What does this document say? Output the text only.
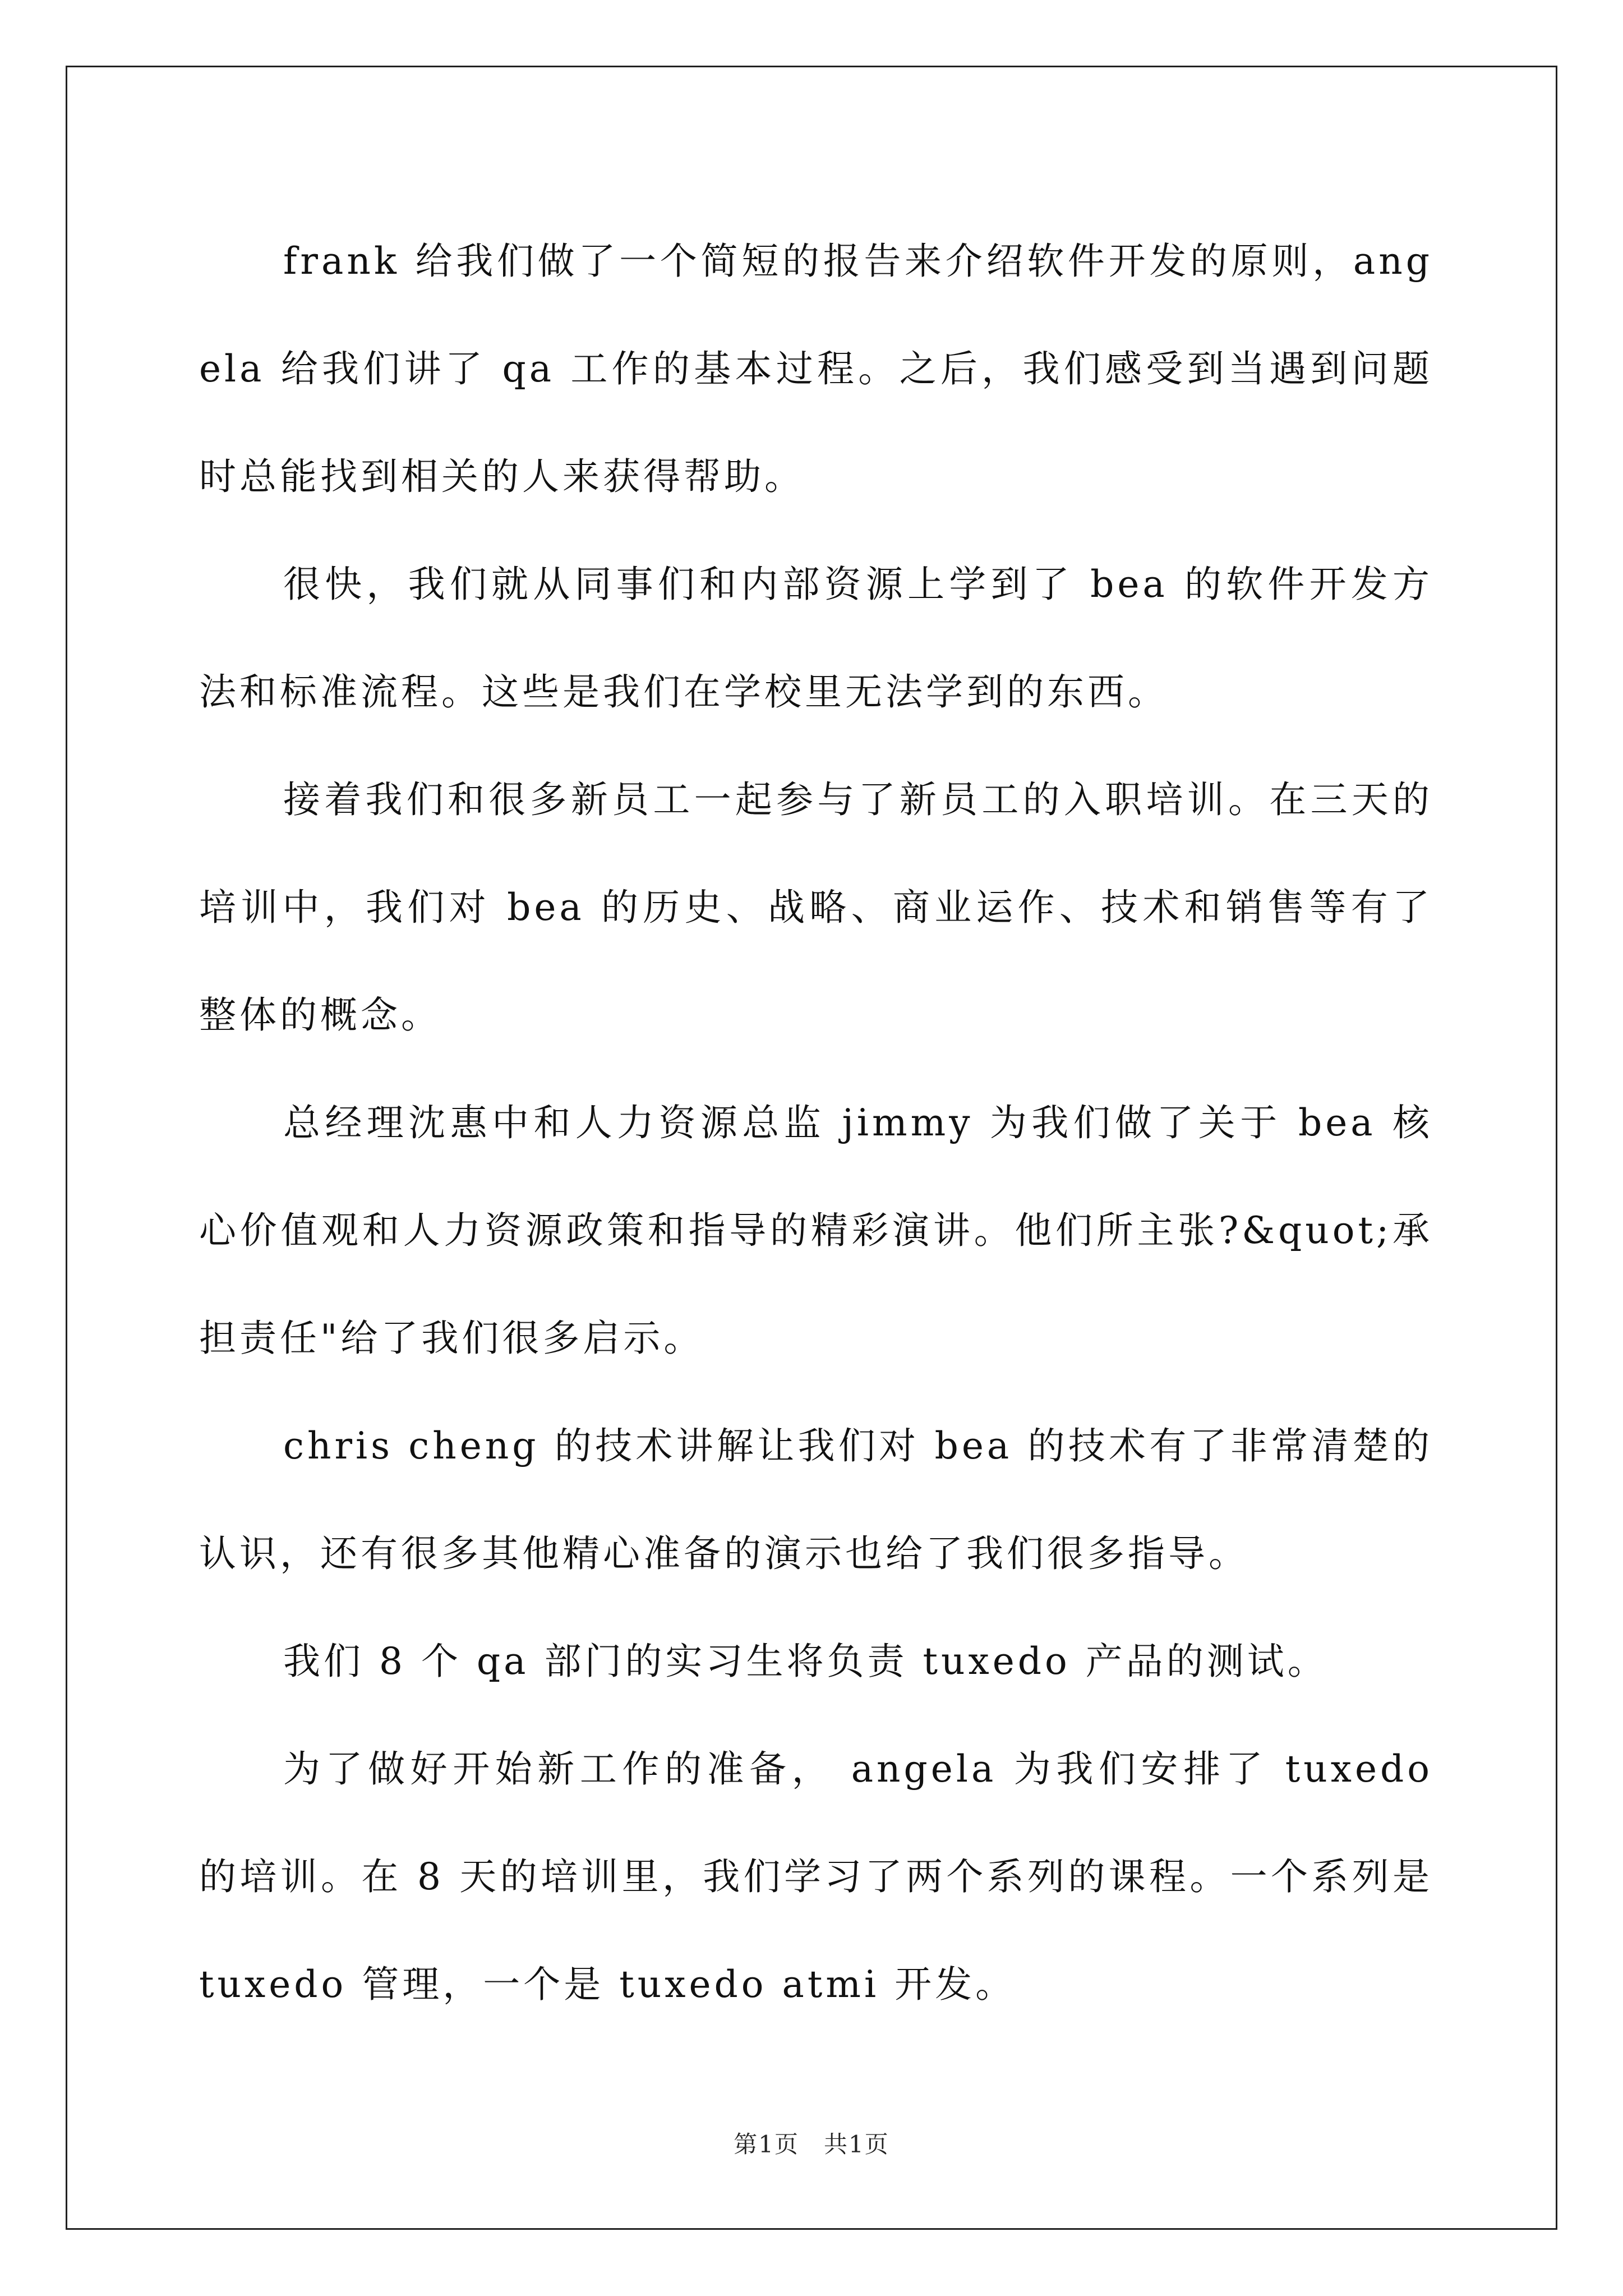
frank 给我们做了一个简短的报告来介绍软件开发的原则，angela 给我们讲了 qa 工作的基本过程。之后，我们感受到当遇到问题时总能找到相关的人来获得帮助。

很快，我们就从同事们和内部资源上学到了 bea 的软件开发方法和标准流程。这些是我们在学校里无法学到的东西。

接着我们和很多新员工一起参与了新员工的入职培训。在三天的培训中，我们对 bea 的历史、战略、商业运作、技术和销售等有了整体的概念。

总经理沈惠中和人力资源总监 jimmy 为我们做了关于 bea 核心价值观和人力资源政策和指导的精彩演讲。他们所主张?&quot;承担责任"给了我们很多启示。

chris cheng 的技术讲解让我们对 bea 的技术有了非常清楚的认识，还有很多其他精心准备的演示也给了我们很多指导。

我们 8 个 qa 部门的实习生将负责 tuxedo 产品的测试。

为了做好开始新工作的准备， angela 为我们安排了 tuxedo 的培训。在 8 天的培训里，我们学习了两个系列的课程。一个系列是 tuxedo 管理，一个是 tuxedo atmi 开发。

第1页　共1页
